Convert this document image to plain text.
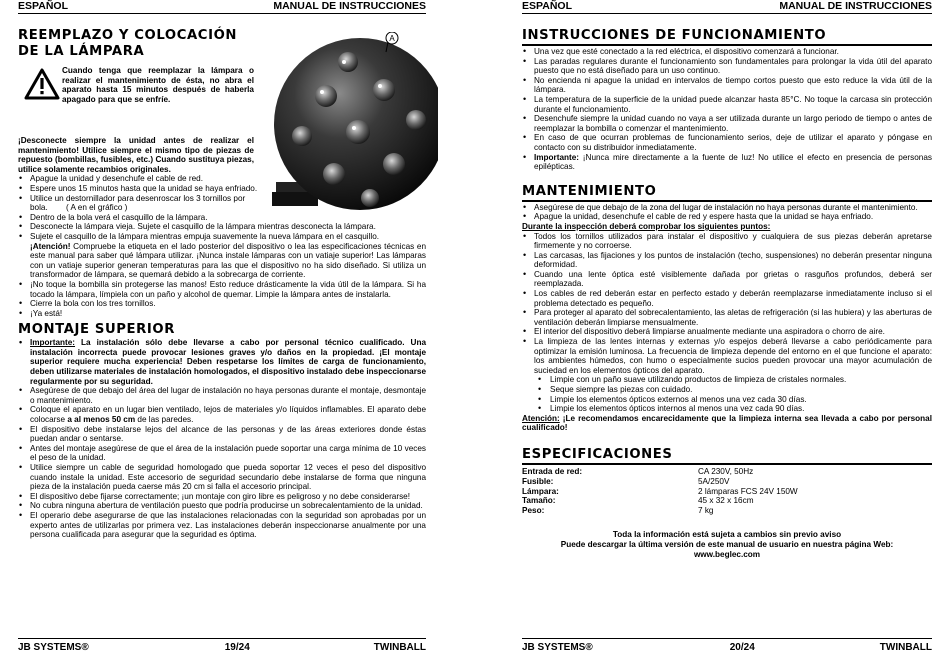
ESPAÑOL	MANUAL DE INSTRUCCIONES
REEMPLAZO Y COLOCACIÓN
DE LA LÁMPARA
A

Cuando tenga que reemplazar la lámpara o realizar el mantenimiento de ésta, no abra el aparato hasta 15 minutos después de haberla apagado para que se enfríe.

¡Desconecte siempre la unidad antes de realizar el mantenimiento! Utilice siempre el mismo tipo de piezas de repuesto (bombillas, fusibles, etc.) Cuando sustituya piezas, utilice solamente recambios originales.

• Apague la unidad y desenchufe el cable de red.
• Espere unos 15 minutos hasta que la unidad se haya enfriado.
• Utilice un destornillador para desenroscar los 3 tornillos por bola.        ( A en el gráfico )
• Dentro de la bola verá el casquillo de la lámpara.
• Desconecte la lámpara vieja. Sujete el casquillo de la lámpara mientras desconecta la lámpara.
• Sujete el casquillo de la lámpara mientras empuja suavemente la nueva lámpara en el casquillo.

¡Atención! Compruebe la etiqueta en el lado posterior del dispositivo o lea las especificaciones técnicas en este manual para saber qué lámpara utilizar. ¡Nunca instale lámparas con un vatiaje superior! Las lámparas con un vatiaje superior generan temperaturas para las que el dispositivo no ha sido diseñado. Si utiliza un transformador de lámpara, se quemará debido a la sobrecarga de corriente.

• ¡No toque la bombilla sin protegerse las manos! Esto reduce drásticamente la vida útil de la lámpara. Si ha tocado la lámpara, límpiela con un paño y alcohol de quemar. Limpie la lámpara antes de instalarla.
• Cierre la bola con los tres tornillos.
• ¡Ya está!
MONTAJE SUPERIOR
• Importante: La instalación sólo debe llevarse a cabo por personal técnico cualificado. Una instalación incorrecta puede provocar lesiones graves y/o daños en la propiedad. ¡El montaje superior requiere mucha experiencia! Deben respetarse los límites de carga de funcionamiento, deben utilizarse materiales de instalación homologados, el dispositivo instalado debe inspeccionarse regularmente por su seguridad.
• Asegúrese de que debajo del área del lugar de instalación no haya personas durante el montaje, desmontaje o mantenimiento.
• Coloque el aparato en un lugar bien ventilado, lejos de materiales y/o líquidos inflamables. El aparato debe colocarse a al menos 50 cm de las paredes.
• El dispositivo debe instalarse lejos del alcance de las personas y de las áreas exteriores donde éstas puedan andar o sentarse.
• Antes del montaje asegúrese de que el área de la instalación puede soportar una carga mínima de 10 veces el peso de la unidad.
• Utilice siempre un cable de seguridad homologado que pueda soportar 12 veces el peso del dispositivo cuando instale la unidad. Este accesorio de seguridad secundario debe instalarse de forma que ninguna pieza de la instalación pueda caerse más 20 cm si falla el accesorio principal.
• El dispositivo debe fijarse correctamente; ¡un montaje con giro libre es peligroso y no debe considerarse!
• No cubra ninguna abertura de ventilación puesto que podría producirse un sobrecalentamiento de la unidad.
• El operario debe asegurarse de que las instalaciones relacionadas con la seguridad son aprobadas por un experto antes de utilizarlas por primera vez. Las instalaciones deberán inspeccionarse anualmente por una persona cualificada para asegurar que la seguridad es óptima.
JB SYSTEMS®	19/24	TWINBALL
ESPAÑOL	MANUAL DE INSTRUCCIONES
INSTRUCCIONES DE FUNCIONAMIENTO
• Una vez que esté conectado a la red eléctrica, el dispositivo comenzará a funcionar.
• Las paradas regulares durante el funcionamiento son fundamentales para prolongar la vida útil del aparato puesto que no está diseñado para un uso continuo.
• No encienda ni apague la unidad en intervalos de tiempo cortos puesto que esto reduce la vida útil de la lámpara.
• La temperatura de la superficie de la unidad puede alcanzar hasta 85°C. No toque la carcasa sin protección durante el funcionamiento.
• Desenchufe siempre la unidad cuando no vaya a ser utilizada durante un largo periodo de tiempo o antes de reemplazar la bombilla o comenzar el mantenimiento.
• En caso de que ocurran problemas de funcionamiento serios, deje de utilizar el aparato y póngase en contacto con su distribuidor inmediatamente.
• Importante: ¡Nunca mire directamente a la fuente de luz! No utilice el efecto en presencia de personas epilépticas.
MANTENIMIENTO
• Asegúrese de que debajo de la zona del lugar de instalación no haya personas durante el mantenimiento.
• Apague la unidad, desenchufe el cable de red y espere hasta que la unidad se haya enfriado.

Durante la inspección deberá comprobar los siguientes puntos:

• Todos los tornillos utilizados para instalar el dispositivo y cualquiera de sus piezas deberán apretarse firmemente y no corroerse.
• Las carcasas, las fijaciones y los puntos de instalación (techo, suspensiones) no deberán presentar ninguna deformidad.
• Cuando una lente óptica esté visiblemente dañada por grietas o rasguños profundos, deberá ser reemplazada.
• Los cables de red deberán estar en perfecto estado y deberán reemplazarse inmediatamente incluso si el problema detectado es pequeño.
• Para proteger al aparato del sobrecalentamiento, las aletas de refrigeración (si las hubiera) y las aberturas de ventilación deberán limpiarse mensualmente.
• El interior del dispositivo deberá limpiarse anualmente mediante una aspiradora o chorro de aire.
• La limpieza de las lentes internas y externas y/o espejos deberá llevarse a cabo periódicamente para optimizar la emisión luminosa. La frecuencia de limpieza depende del entorno en el que funcione el aparato: los ambientes húmedos, con humo o especialmente sucios pueden provocar una mayor acumulación de suciedad en los elementos ópticos del aparato.
• Limpie con un paño suave utilizando productos de limpieza de cristales normales.
• Seque siempre las piezas con cuidado.
• Limpie los elementos ópticos externos al menos una vez cada 30 días.
• Limpie los elementos ópticos internos al menos una vez cada 90 días.

Atención: ¡Le recomendamos encarecidamente que la limpieza interna sea llevada a cabo por personal cualificado!

ESPECIFICACIONES
Entrada de red:	CA 230V, 50Hz
Fusible:	5A/250V
Lámpara:	2 lámparas FCS 24V 150W
Tamaño:	45 x 32 x 16cm
Peso:	7 kg

Toda la información está sujeta a cambios sin previo aviso

Puede descargar la última versión de este manual de usuario en nuestra página Web:

www.beglec.com

JB SYSTEMS®	20/24	TWINBALL
